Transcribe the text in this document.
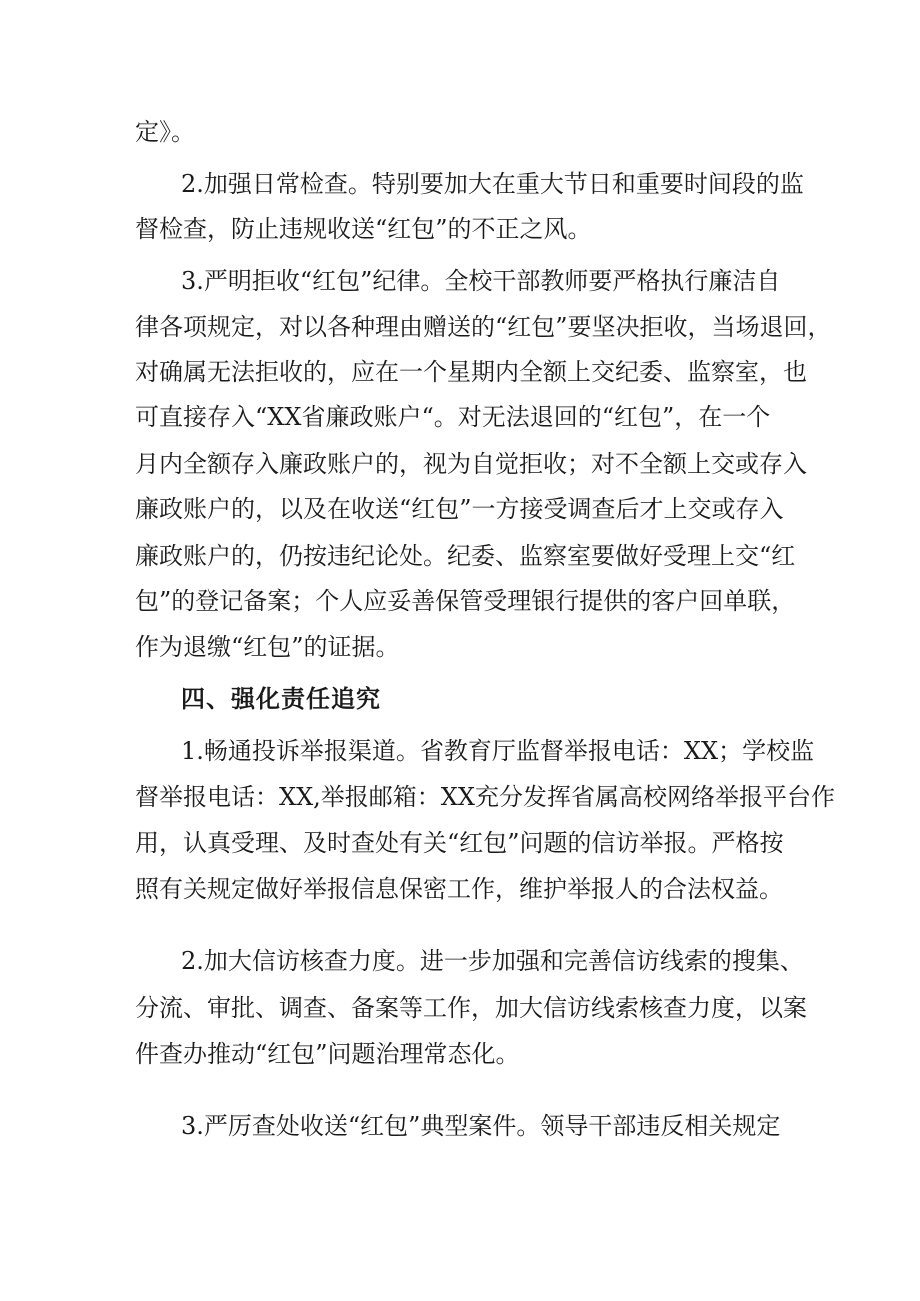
定》。
2.加强日常检查。特别要加大在重大节日和重要时间段的监
督检查，防止违规收送“红包”的不正之风。
3.严明拒收“红包”纪律。全校干部教师要严格执行廉洁自
律各项规定，对以各种理由赠送的“红包”要坚决拒收，当场退回，
对确属无法拒收的，应在一个星期内全额上交纪委、监察室，也
可直接存入“XX省廉政账户“。对无法退回的“红包”，在一个
月内全额存入廉政账户的，视为自觉拒收；对不全额上交或存入
廉政账户的，以及在收送“红包”一方接受调查后才上交或存入
廉政账户的，仍按违纪论处。纪委、监察室要做好受理上交“红
包”的登记备案；个人应妥善保管受理银行提供的客户回单联，
作为退缴“红包”的证据。
四、强化责任追究
1.畅通投诉举报渠道。省教育厅监督举报电话：XX；学校监
督举报电话：XX,举报邮箱：XX充分发挥省属高校网络举报平台作
用，认真受理、及时查处有关“红包”问题的信访举报。严格按
照有关规定做好举报信息保密工作，维护举报人的合法权益。
2.加大信访核查力度。进一步加强和完善信访线索的搜集、
分流、审批、调查、备案等工作，加大信访线索核查力度，以案
件查办推动“红包”问题治理常态化。
3.严厉查处收送“红包”典型案件。领导干部违反相关规定
